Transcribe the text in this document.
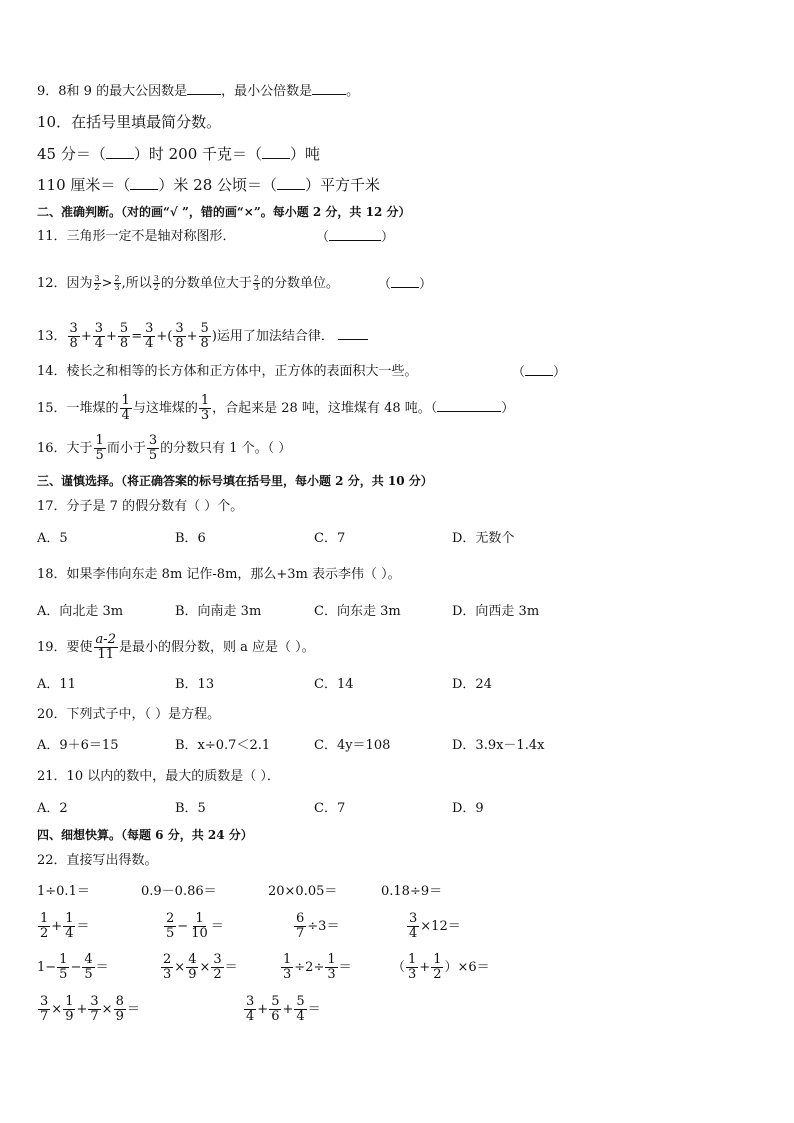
9．8和 9 的最大公因数是	，最小公倍数是	。
10．在括号里填最简分数。
45 分＝（ ）时 200 千克＝（ ）吨
110 厘米＝（ ）米 28 公顷＝（ ）平方千米
二、准确判断。（对的画“√ ”，错的画“×”。每小题 2 分，共 12 分）
11．三角形一定不是轴对称图形．	（	）
12．因为 $\frac{3}{2} > \frac{2}{3}$ ,所以 $\frac{3}{2}$ 的分数单位大于 $\frac{2}{3}$ 的分数单位。	（ ）
13． $\frac{3}{8} + \frac{3}{4} + \frac{5}{8} = \frac{3}{4}$ +( $\frac{3}{8} + \frac{5}{8}$ )运用了加法结合律．
14．棱长之和相等的长方体和正方体中，正方体的表面积大一些。	（ ）
15．一堆煤的 $\frac{1}{4}$ 与这堆煤的 $\frac{1}{3}$ ，合起来是 28 吨，这堆煤有 48 吨。（	）
16．大于 $\frac{1}{5}$ 而小于 $\frac{3}{5}$ 的分数只有 1 个。（ ）
三、谨慎选择。（将正确答案的标号填在括号里，每小题 2 分，共 10 分）
17．分子是 7 的假分数有（ ）个。
A．5	B．6	C．7	D．无数个
18．如果李伟向东走 8m 记作-8m，那么+3m 表示李伟（ ）。
A．向北走 3m	B．向南走 3m	C．向东走 3m	D．向西走 3m
19．要使 $\frac{a-2}{11}$ 是最小的假分数，则 a 应是（ ）。
A．11	B．13	C．14	D．24
20．下列式子中，（ ）是方程。
A．9＋6＝15	B．x÷0.7＜2.1	C．4y＝108	D．3.9x－1.4x
21．10 以内的数中，最大的质数是（ ）．
A．2	B．5	C．7	D．9
四、细想快算。（每题 6 分，共 24 分）
22．直接写出得数。
1÷0.1＝	0.9－0.86＝	20×0.05＝	0.18÷9＝
$\frac{1}{2} + \frac{1}{4}$ ＝	$\frac{2}{5} - \frac{1}{10}$ ＝	$\frac{6}{7} \div 3=$	$\frac{3}{4} \times 12=$
$1- \frac{1}{5} - \frac{4}{5}$ ＝	$\frac{2}{3} \times \frac{4}{9} \times \frac{3}{2}$ ＝	$\frac{1}{3} \div 2\div \frac{1}{3}$ ＝	（ $\frac{1}{3} + \frac{1}{2} )\times 6=$
$\frac{3}{7} \times \frac{1}{9} + \frac{3}{7} \times \frac{8}{9}$ ＝	$\frac{3}{4} + \frac{5}{6} + \frac{5}{4}$ ＝
